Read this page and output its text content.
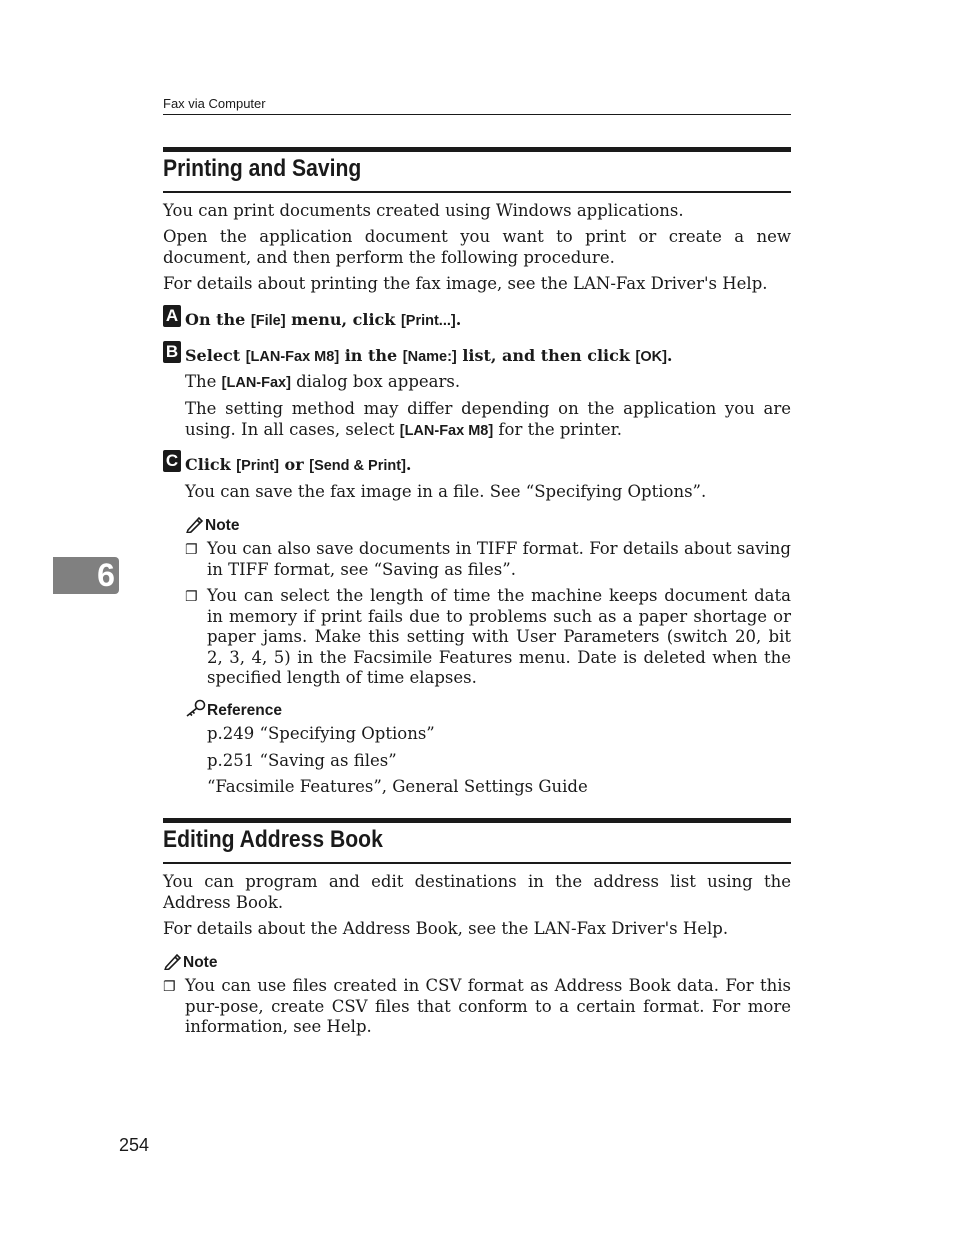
Fax via Computer
Printing and Saving
You can print documents created using Windows applications.
Open the application document you want to print or create a new document, and then perform the following procedure.
For details about printing the fax image, see the LAN-Fax Driver's Help.
A On the [File] menu, click [Print...].
B Select [LAN-Fax M8] in the [Name:] list, and then click [OK].
The [LAN-Fax] dialog box appears.
The setting method may differ depending on the application you are using. In all cases, select [LAN-Fax M8] for the printer.
C Click [Print] or [Send & Print].
You can save the fax image in a file. See “Specifying Options”.
Note
❐ You can also save documents in TIFF format. For details about saving in TIFF format, see “Saving as files”.
❐ You can select the length of time the machine keeps document data in memory if print fails due to problems such as a paper shortage or paper jams. Make this setting with User Parameters (switch 20, bit 2, 3, 4, 5) in the Facsimile Features menu. Date is deleted when the specified length of time elapses.
Reference
p.249 “Specifying Options”
p.251 “Saving as files”
“Facsimile Features”, General Settings Guide
Editing Address Book
You can program and edit destinations in the address list using the Address Book.
For details about the Address Book, see the LAN-Fax Driver's Help.
Note
❐ You can use files created in CSV format as Address Book data. For this pur-pose, create CSV files that conform to a certain format. For more information, see Help.
6
254
